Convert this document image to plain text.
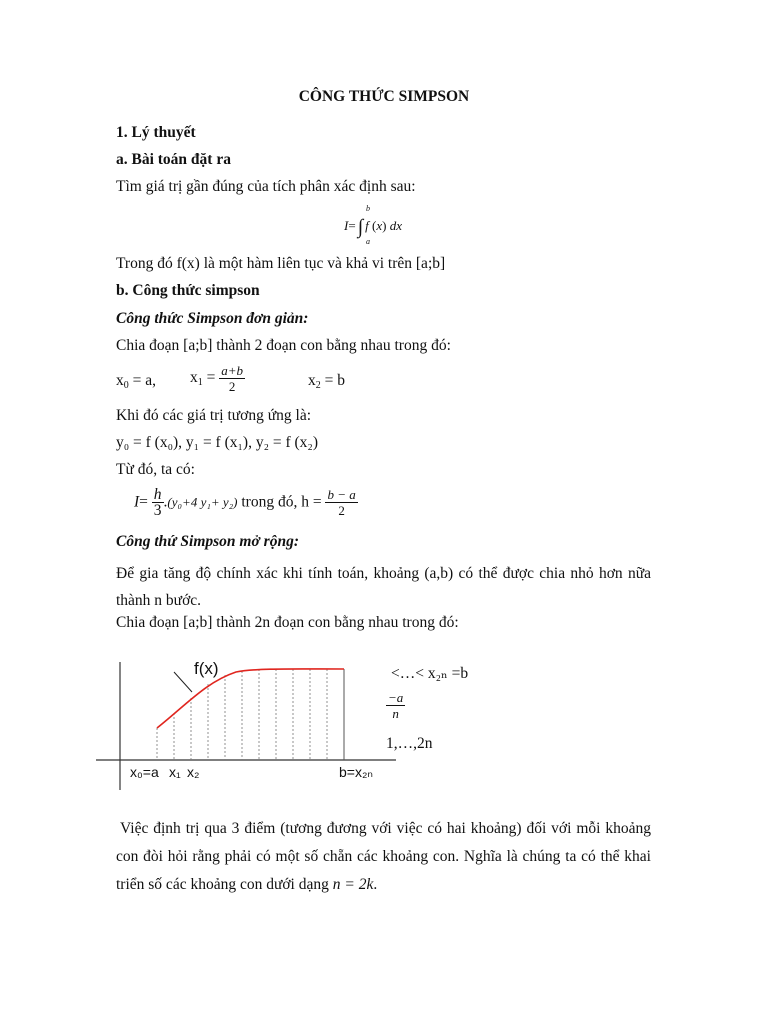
CÔNG THỨC SIMPSON
1. Lý thuyết
a. Bài toán đặt ra
Tìm giá trị gần đúng của tích phân xác định sau:
I= ∫ f (x) dx
b
a
Trong đó f(x) là một hàm liên tục và khả vi trên [a;b]
b. Công thức simpson
Công thức Simpson đơn giản:
Chia đoạn [a;b] thành 2 đoạn con bằng nhau trong đó:
$x_0 = a$, $x_1 = \frac{a+b}{2}$	$x_2 = b$
Khi đó các giá trị tương ứng là:
y₀ = f (x₀), y₁ = f (x₁), y₂ = f (x₂)
Từ đó, ta có:
$I= \frac{h}{3} .(y_0+4$ y₁+ y₂) trong đó, $h = \frac{b - a}{2}$
Công thứ Simpson mở rộng:
Để gia tăng độ chính xác khi tính toán, khoảng (a,b) có thể được chia nhỏ hơn nữa thành n bước.
Chia đoạn [a;b] thành 2n đoạn con bằng nhau trong đó:
f(x)
x₀=a x₁ x₂	b=x₂ₙ
<…< x₂ₙ =b
$\frac{-a}{n}$
1,…,2n
Việc định trị qua 3 điểm (tương đương với việc có hai khoảng) đối với mỗi khoảng con đòi hỏi rằng phải có một số chẵn các khoảng con. Nghĩa là chúng ta có thể khai triển số các khoảng con dưới dạng n = 2k.
